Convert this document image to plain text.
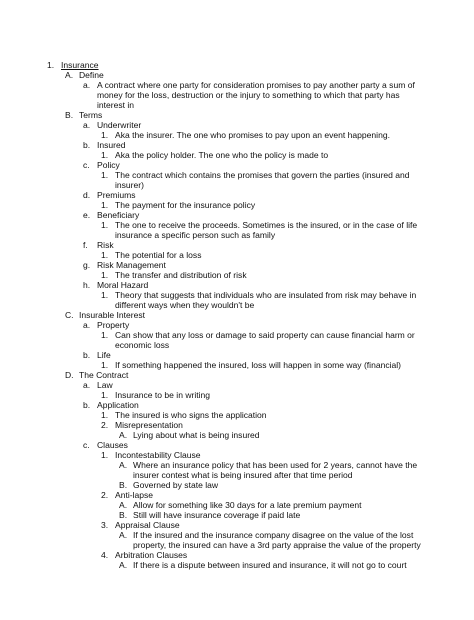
1. Insurance
A. Define
a. A contract where one party for consideration promises to pay another party a sum of
money for the loss, destruction or the injury to something to which that party has
interest in
B. Terms
a. Underwriter
1. Aka the insurer. The one who promises to pay upon an event happening.
b. Insured
1. Aka the policy holder. The one who the policy is made to
c. Policy
1. The contract which contains the promises that govern the parties (insured and
insurer)
d. Premiums
1. The payment for the insurance policy
e. Beneficiary
1. The one to receive the proceeds. Sometimes is the insured, or in the case of life
insurance a specific person such as family
f. Risk
1. The potential for a loss
g. Risk Management
1. The transfer and distribution of risk
h. Moral Hazard
1. Theory that suggests that individuals who are insulated from risk may behave in
different ways when they wouldn't be
C. Insurable Interest
a. Property
1. Can show that any loss or damage to said property can cause financial harm or
economic loss
b. Life
1. If something happened the insured, loss will happen in some way (financial)
D. The Contract
a. Law
1. Insurance to be in writing
b. Application
1. The insured is who signs the application
2. Misrepresentation
A. Lying about what is being insured
c. Clauses
1. Incontestability Clause
A. Where an insurance policy that has been used for 2 years, cannot have the
insurer contest what is being insured after that time period
B. Governed by state law
2. Anti-lapse
A. Allow for something like 30 days for a late premium payment
B. Still will have insurance coverage if paid late
3. Appraisal Clause
A. If the insured and the insurance company disagree on the value of the lost
property, the insured can have a 3rd party appraise the value of the property
4. Arbitration Clauses
A. If there is a dispute between insured and insurance, it will not go to court
